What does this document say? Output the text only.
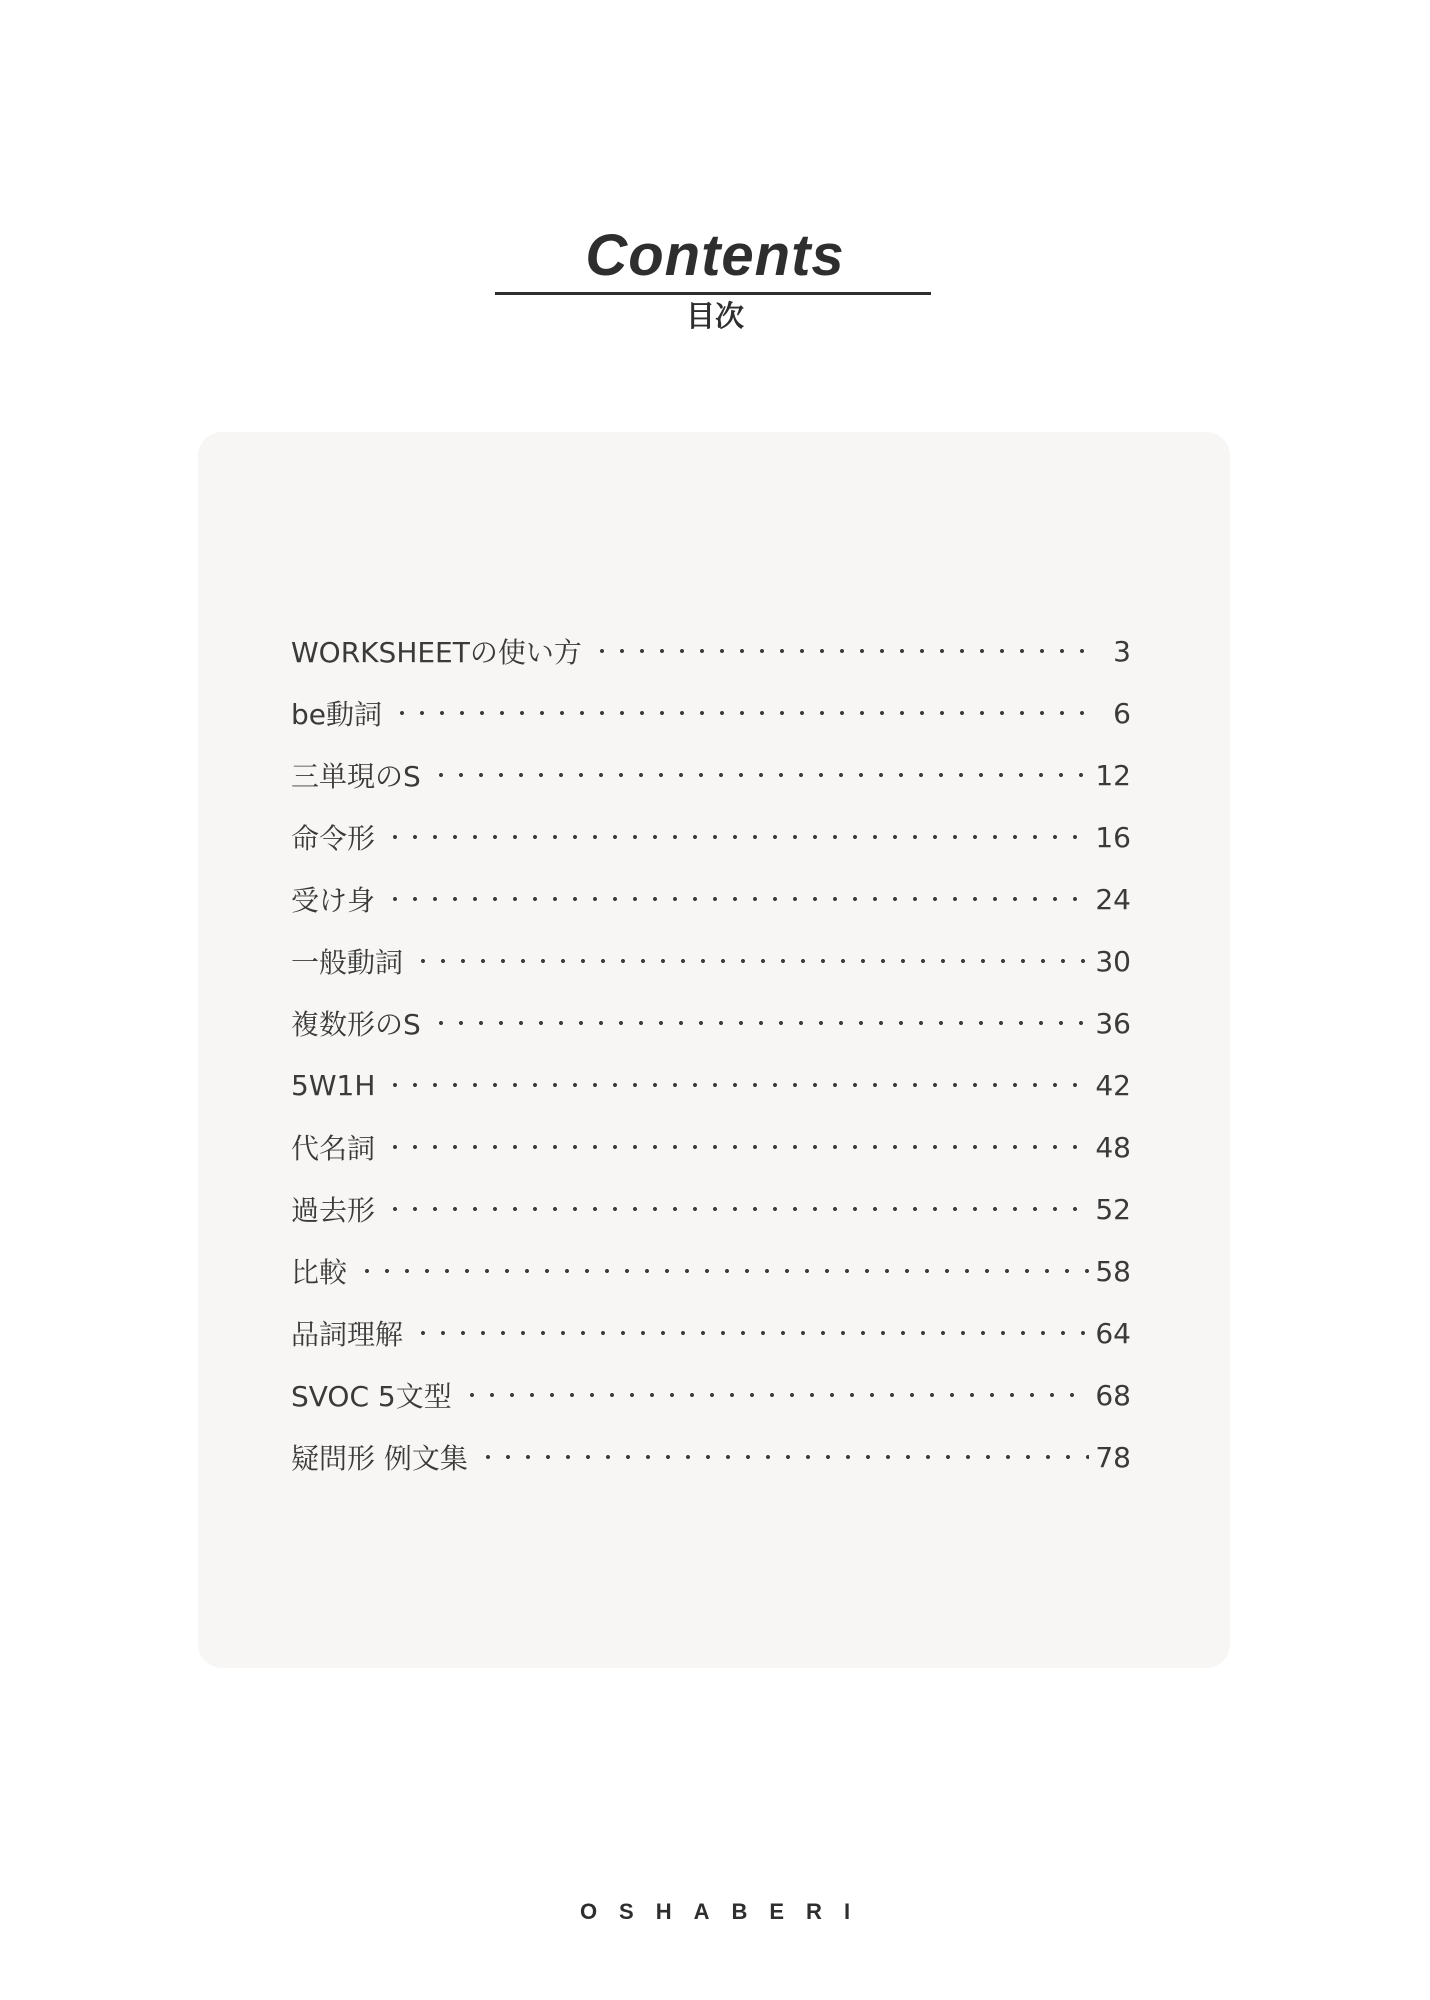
Contents
目次
WORKSHEETの使い方	3
be動詞	6
三単現のS	12
命令形	16
受け身	24
一般動詞	30
複数形のS	36
5W1H	42
代名詞	48
過去形	52
比較	58
品詞理解	64
SVOC 5文型	68
疑問形 例文集	78
OSHABERI
